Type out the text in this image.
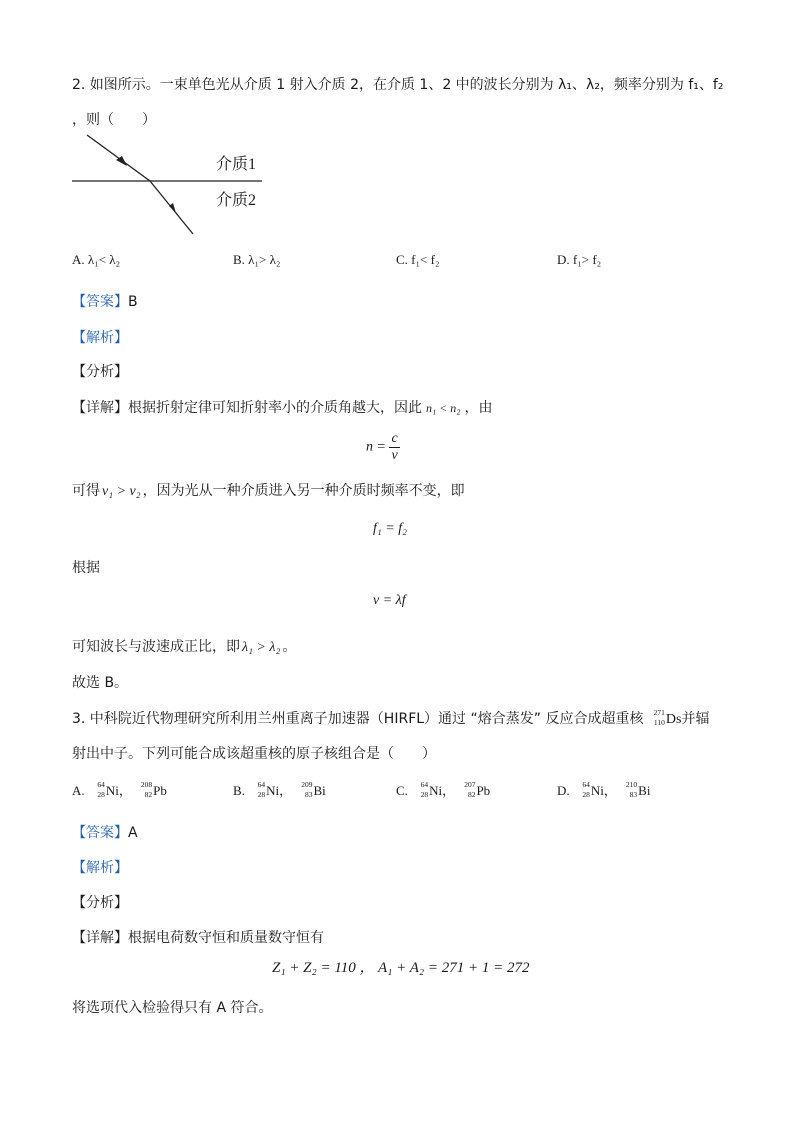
2. 如图所示。一束单色光从介质 1 射入介质 2，在介质 1、2 中的波长分别为 λ₁、λ₂，频率分别为 f₁、f₂
，则（　　）
介质1
介质2
A. λ₁< λ₂	B. λ₁> λ₂	C. f₁< f₂	D. f₁> f₂
【答案】B
【解析】
【分析】
【详解】根据折射定律可知折射率小的介质角越大，因此 n₁ < n₂ ，由
$n = \frac{c}{v}$
可得 v₁ > v₂ ，因为光从一种介质进入另一种介质时频率不变，即
f₁ = f₂
根据
v = λf
可知波长与波速成正比，即 λ₁ > λ₂ 。
故选 B。
3. 中科院近代物理研究所利用兰州重离子加速器（HIRFL）通过 “熔合蒸发” 反应合成超重核 271
110 Ds并辐
射出中子。下列可能合成该超重核的原子核组合是（　　）
A. 64
28 Ni， 208
82 Pb	B. 64
28 Ni， 209
83 Bi	C. 64
28 Ni， 207
82 Pb	D. 64
28 Ni， 210
83 Bi
【答案】A
【解析】
【分析】
【详解】根据电荷数守恒和质量数守恒有
Z₁ + Z₂ = 110 ， A₁ + A₂ = 271 + 1 = 272
将选项代入检验得只有 A 符合。
